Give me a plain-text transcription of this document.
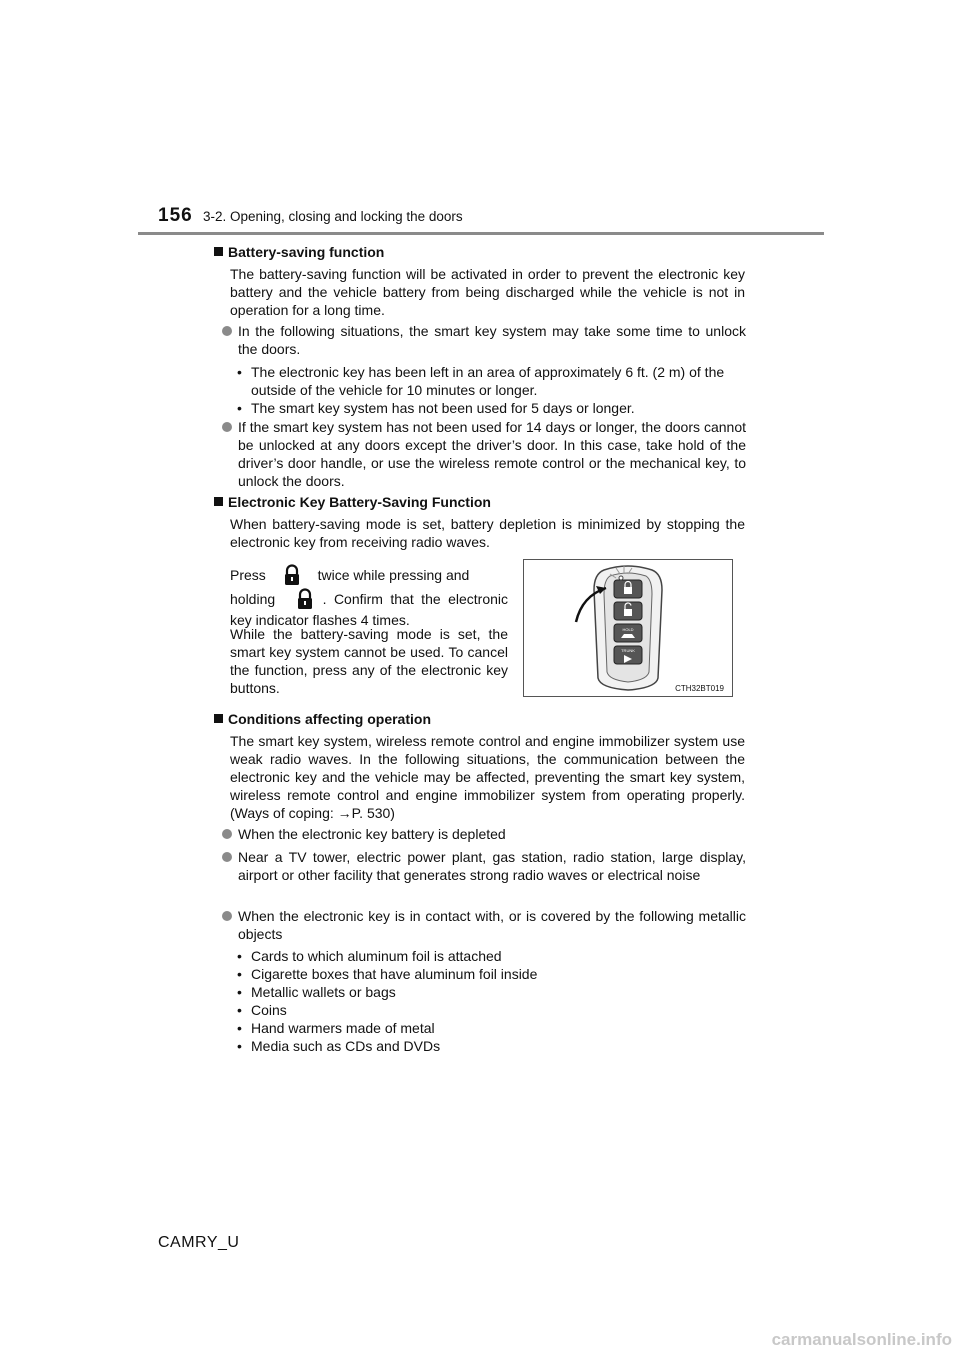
156 3-2. Opening, closing and locking the doors
Battery-saving function
The battery-saving function will be activated in order to prevent the electronic key battery and the vehicle battery from being discharged while the vehicle is not in operation for a long time.
In the following situations, the smart key system may take some time to unlock the doors.
• The electronic key has been left in an area of approximately 6 ft. (2 m) of the outside of the vehicle for 10 minutes or longer.
• The smart key system has not been used for 5 days or longer.
If the smart key system has not been used for 14 days or longer, the doors cannot be unlocked at any doors except the driver’s door. In this case, take hold of the driver’s door handle, or use the wireless remote control or the mechanical key, to unlock the doors.
Electronic Key Battery-Saving Function
When battery-saving mode is set, battery depletion is minimized by stopping the electronic key from receiving radio waves.
Press	twice while pressing and
holding	. Confirm that the electronic key indicator flashes 4 times.
While the battery-saving mode is set, the smart key system cannot be used. To cancel the function, press any of the electronic key buttons.
HOLD
TRUNK
CTH32BT019
Conditions affecting operation
The smart key system, wireless remote control and engine immobilizer system use weak radio waves. In the following situations, the communication between the electronic key and the vehicle may be affected, preventing the smart key system, wireless remote control and engine immobilizer system from operating properly. (Ways of coping: →P. 530)
When the electronic key battery is depleted
Near a TV tower, electric power plant, gas station, radio station, large display, airport or other facility that generates strong radio waves or electrical noise
When the electronic key is in contact with, or is covered by the following metallic objects
• Cards to which aluminum foil is attached
• Cigarette boxes that have aluminum foil inside
• Metallic wallets or bags
• Coins
• Hand warmers made of metal
• Media such as CDs and DVDs
CAMRY_U
carmanualsonline.info
